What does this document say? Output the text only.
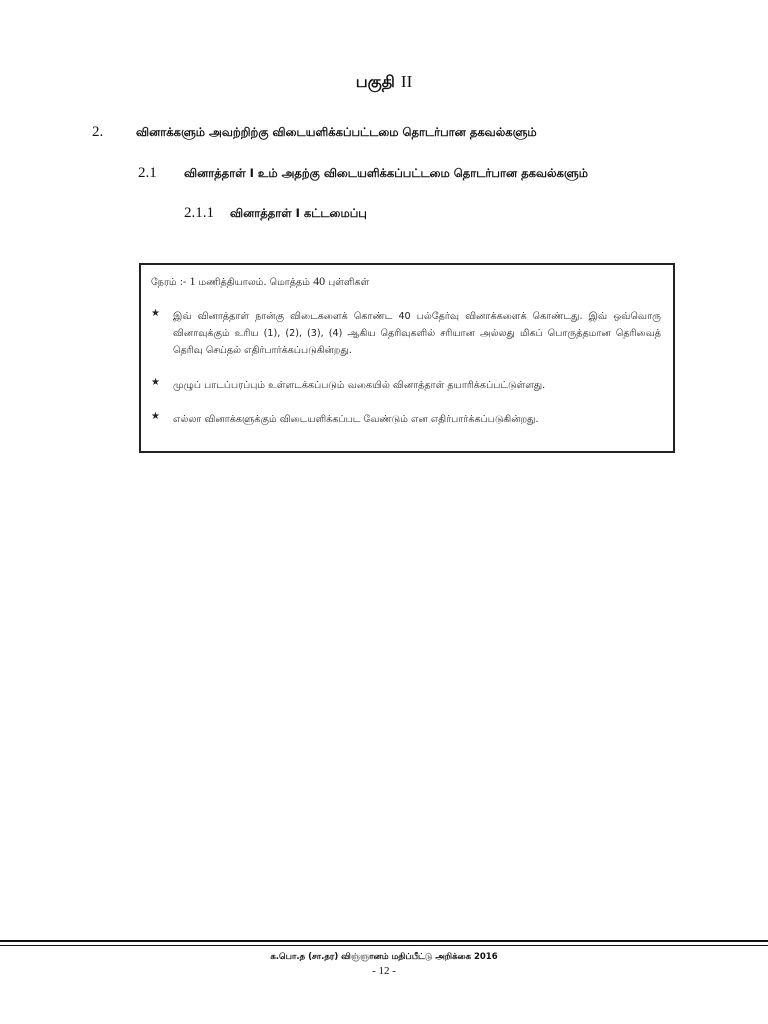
பகுதி II
2.	வினாக்களும் அவற்றிற்கு விடையளிக்கப்பட்டமை தொடர்பான தகவல்களும்
2.1	வினாத்தாள் I உம் அதற்கு விடையளிக்கப்பட்டமை தொடர்பான தகவல்களும்
2.1.1	வினாத்தாள் I கட்டமைப்பு
நேரம் :- 1 மணித்தியாலம். மொத்தம் 40 புள்ளிகள்
★	இவ் வினாத்தாள் நான்கு விடைகளைக் கொண்ட 40 பல்தேர்வு வினாக்களைக் கொண்டது. இவ் ஒவ்வொரு வினாவுக்கும் உரிய (1), (2), (3), (4) ஆகிய தெரிவுகளில் சரியான அல்லது மிகப் பொருத்தமான தெரிவைத் தெரிவு செய்தல் எதிர்பார்க்கப்படுகின்றது.
★	முழுப் பாடப்பரப்பும் உள்ளடக்கப்படும் வகையில் வினாத்தாள் தயாரிக்கப்பட்டுள்ளது.
★	எல்லா வினாக்களுக்கும் விடையளிக்கப்பட வேண்டும் என எதிர்பார்க்கப்படுகின்றது.
க.பொ.த (சா.தர) விஞ்ஞானம் மதிப்பீட்டு அறிக்கை 2016
- 12 -
